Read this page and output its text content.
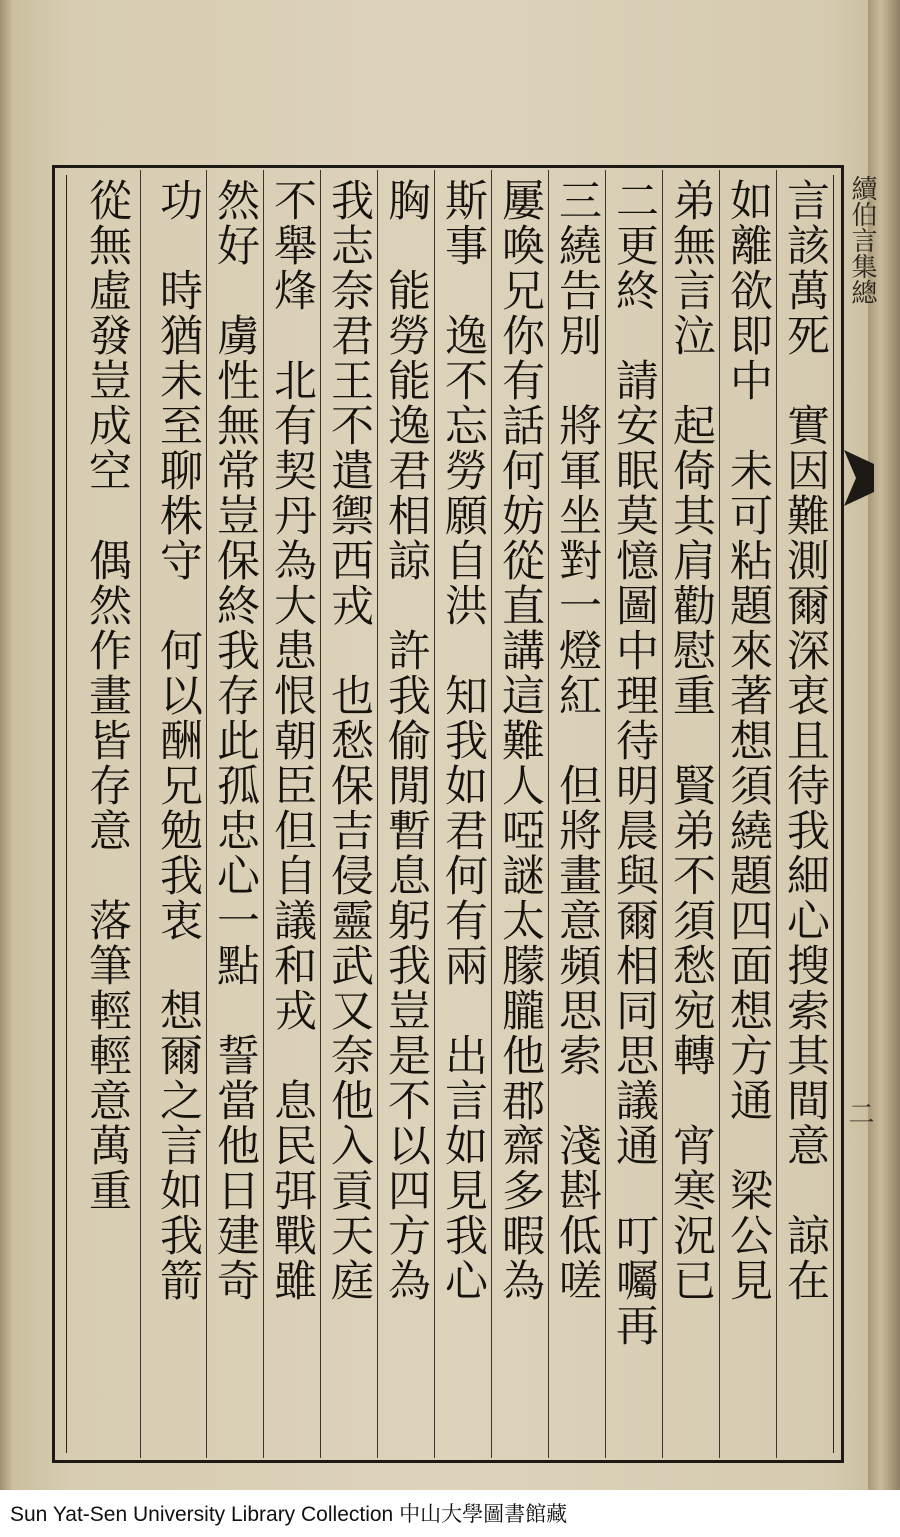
續伯言集總
二
言該萬死　實因難測爾深衷且待我細心搜索其間意　諒在
如離欲即中　未可粘題來著想須繞題四面想方通　梁公見
弟無言泣　起倚其肩勸慰重　賢弟不須愁宛轉　宵寒況已
二更終　請安眠莫憶圖中理待明晨與爾相同思議通　叮囑再
三繞告別　將軍坐對一燈紅　但將畫意頻思索　淺斟低嗟
屢喚兄你有話何妨從直講這難人啞謎太朦朧他郡齋多暇為
斯事　逸不忘勞願自洪　知我如君何有兩　出言如見我心
胸　能勞能逸君相諒　許我偷閒暫息躬我豈是不以四方為
我志奈君王不遣禦西戎　也愁保吉侵靈武又奈他入貢天庭
不舉烽　北有契丹為大患恨朝臣但自議和戎　息民弭戰雖
然好　虜性無常豈保終我存此孤忠心一點　誓當他日建奇
功　時猶未至聊株守　何以酬兄勉我衷　想爾之言如我箭
從無虛發豈成空　偶然作畫皆存意　落筆輕輕意萬重
Sun Yat-Sen University Library Collection 中山大學圖書館藏
